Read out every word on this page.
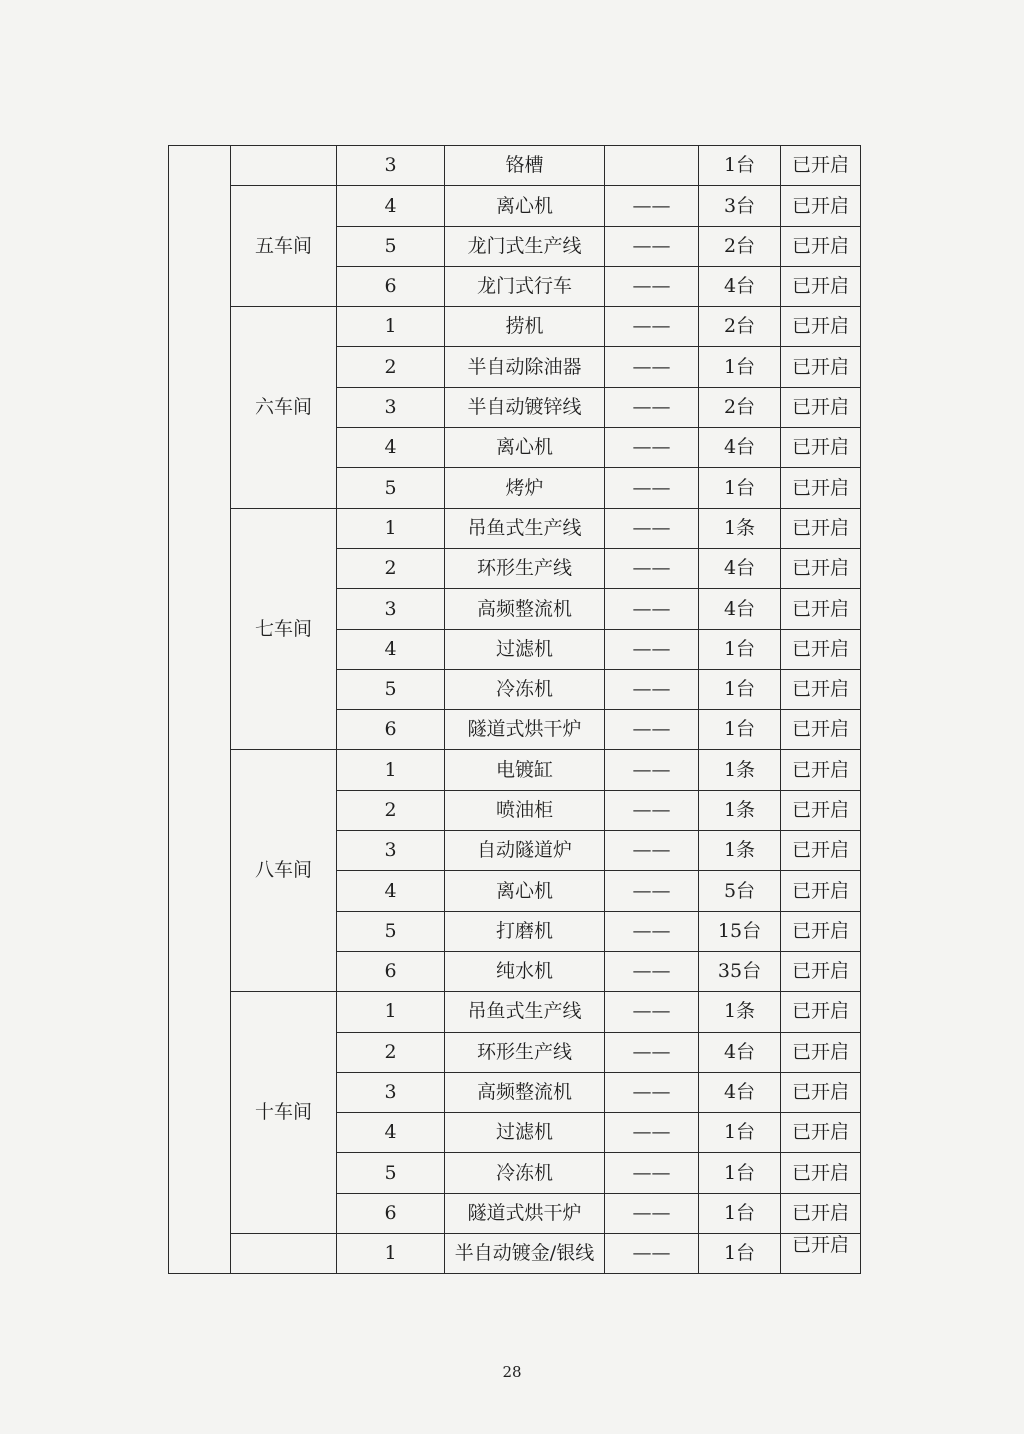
		3	铬槽		1台	已开启
	五车间	4	离心机	——	3台	已开启
		5	龙门式生产线	——	2台	已开启
		6	龙门式行车	——	4台	已开启
	六车间	1	捞机	——	2台	已开启
		2	半自动除油器	——	1台	已开启
		3	半自动镀锌线	——	2台	已开启
		4	离心机	——	4台	已开启
		5	烤炉	——	1台	已开启
	七车间	1	吊鱼式生产线	——	1条	已开启
		2	环形生产线	——	4台	已开启
		3	高频整流机	——	4台	已开启
		4	过滤机	——	1台	已开启
		5	冷冻机	——	1台	已开启
		6	隧道式烘干炉	——	1台	已开启
	八车间	1	电镀缸	——	1条	已开启
		2	喷油柜	——	1条	已开启
		3	自动隧道炉	——	1条	已开启
		4	离心机	——	5台	已开启
		5	打磨机	——	15台	已开启
		6	纯水机	——	35台	已开启
	十车间	1	吊鱼式生产线	——	1条	已开启
		2	环形生产线	——	4台	已开启
		3	高频整流机	——	4台	已开启
		4	过滤机	——	1台	已开启
		5	冷冻机	——	1台	已开启
		6	隧道式烘干炉	——	1台	已开启
		1	半自动镀金/银线	——	1台	已开启

28
